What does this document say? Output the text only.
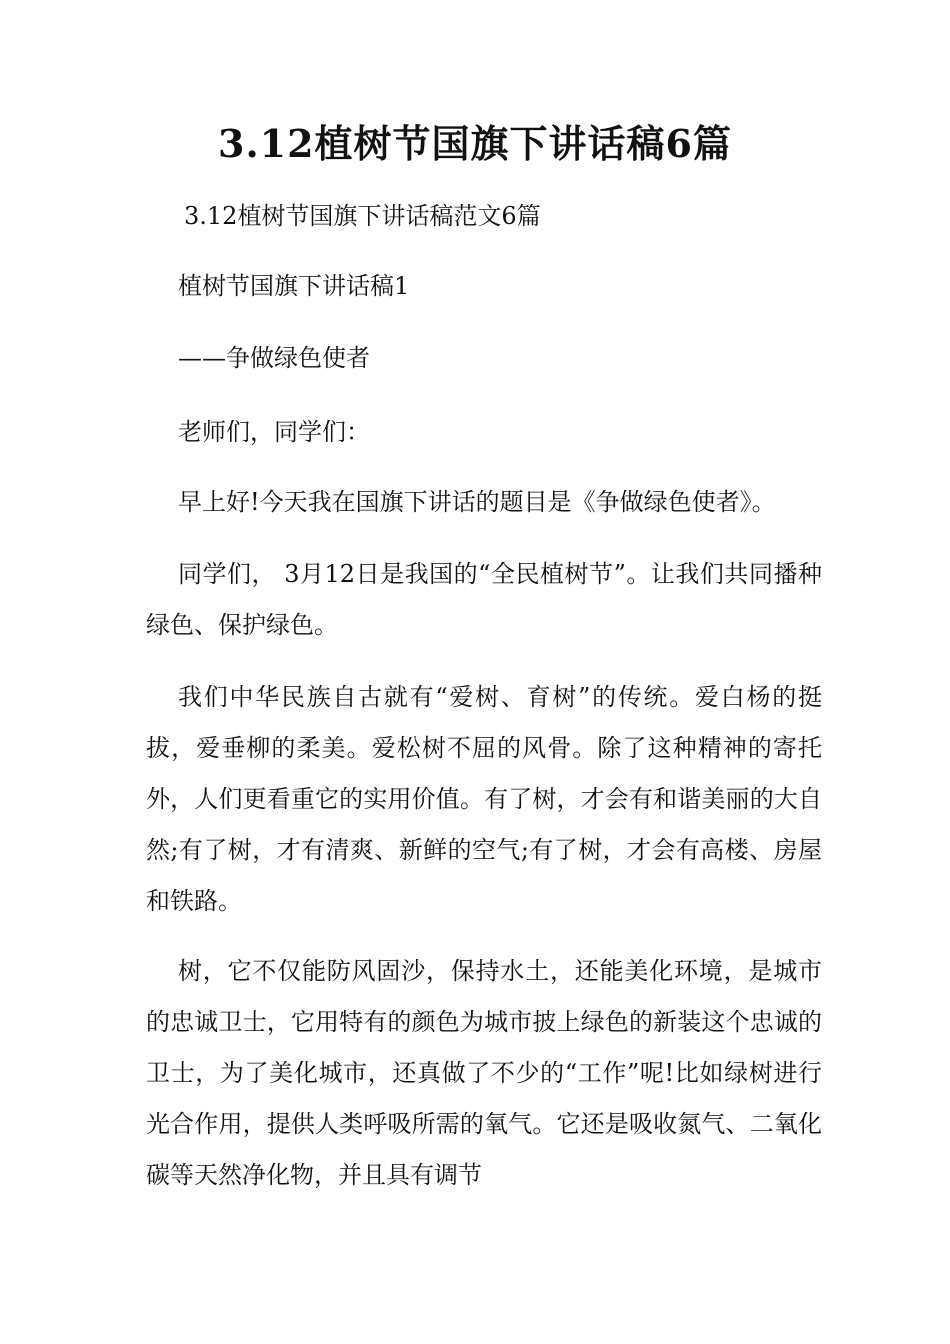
3.12植树节国旗下讲话稿6篇
3.12植树节国旗下讲话稿范文6篇
植树节国旗下讲话稿1
——争做绿色使者
老师们，同学们：
早上好!今天我在国旗下讲话的题目是《争做绿色使者》。
同学们， 3月12日是我国的“全民植树节”。让我们共同播种绿色、保护绿色。
我们中华民族自古就有“爱树、育树”的传统。爱白杨的挺拔，爱垂柳的柔美。爱松树不屈的风骨。除了这种精神的寄托外，人们更看重它的实用价值。有了树，才会有和谐美丽的大自然;有了树，才有清爽、新鲜的空气;有了树，才会有高楼、房屋和铁路。
树，它不仅能防风固沙，保持水土，还能美化环境，是城市的忠诚卫士，它用特有的颜色为城市披上绿色的新装这个忠诚的卫士，为了美化城市，还真做了不少的“工作”呢!比如绿树进行光合作用，提供人类呼吸所需的氧气。它还是吸收氮气、二氧化碳等天然净化物，并且具有调节
